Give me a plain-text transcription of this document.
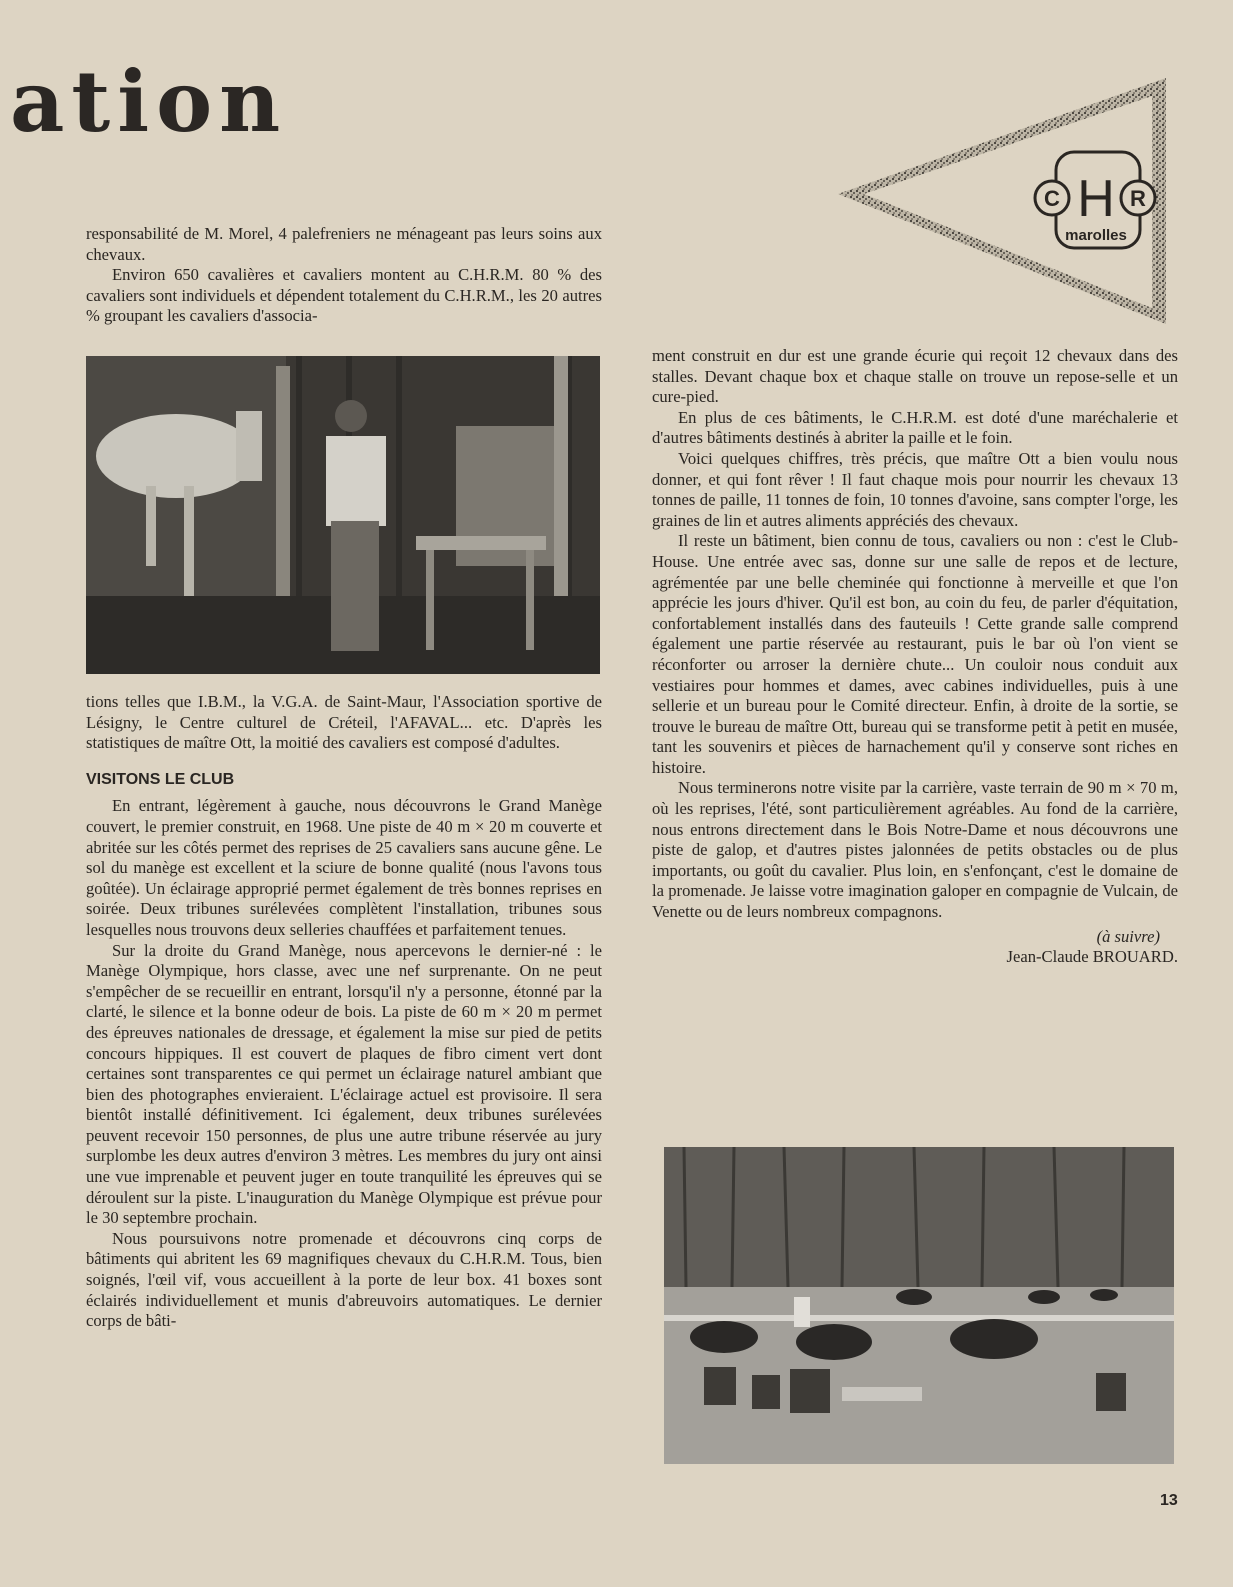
ation
C H R
marolles

responsabilité de M. Morel, 4 palefreniers ne ménageant pas leurs soins aux chevaux.

Environ 650 cavalières et cavaliers montent au C.H.R.M. 80 % des cavaliers sont individuels et dépendent totalement du C.H.R.M., les 20 autres % groupant les cavaliers d'associa-

tions telles que I.B.M., la V.G.A. de Saint-Maur, l'Association sportive de Lésigny, le Centre culturel de Créteil, l'AFAVAL... etc. D'après les statistiques de maître Ott, la moitié des cavaliers est composé d'adultes.

VISITONS LE CLUB

En entrant, légèrement à gauche, nous découvrons le Grand Manège couvert, le premier construit, en 1968. Une piste de 40 m × 20 m couverte et abritée sur les côtés permet des reprises de 25 cavaliers sans aucune gêne. Le sol du manège est excellent et la sciure de bonne qualité (nous l'avons tous goûtée). Un éclairage approprié permet également de très bonnes reprises en soirée. Deux tribunes surélevées complètent l'installation, tribunes sous lesquelles nous trouvons deux selleries chauffées et parfaitement tenues.

Sur la droite du Grand Manège, nous apercevons le dernier-né : le Manège Olympique, hors classe, avec une nef surprenante. On ne peut s'empêcher de se recueillir en entrant, lorsqu'il n'y a personne, étonné par la clarté, le silence et la bonne odeur de bois. La piste de 60 m × 20 m permet des épreuves nationales de dressage, et également la mise sur pied de petits concours hippiques. Il est couvert de plaques de fibro ciment vert dont certaines sont transparentes ce qui permet un éclairage naturel ambiant que bien des photographes envieraient. L'éclairage actuel est provisoire. Il sera bientôt installé définitivement. Ici également, deux tribunes surélevées peuvent recevoir 150 personnes, de plus une autre tribune réservée au jury surplombe les deux autres d'environ 3 mètres. Les membres du jury ont ainsi une vue imprenable et peuvent juger en toute tranquilité les épreuves qui se déroulent sur la piste. L'inauguration du Manège Olympique est prévue pour le 30 septembre prochain.

Nous poursuivons notre promenade et découvrons cinq corps de bâtiments qui abritent les 69 magnifiques chevaux du C.H.R.M. Tous, bien soignés, l'œil vif, vous accueillent à la porte de leur box. 41 boxes sont éclairés individuellement et munis d'abreuvoirs automatiques. Le dernier corps de bâti-

ment construit en dur est une grande écurie qui reçoit 12 chevaux dans des stalles. Devant chaque box et chaque stalle on trouve un repose-selle et un cure-pied.

En plus de ces bâtiments, le C.H.R.M. est doté d'une maréchalerie et d'autres bâtiments destinés à abriter la paille et le foin.

Voici quelques chiffres, très précis, que maître Ott a bien voulu nous donner, et qui font rêver ! Il faut chaque mois pour nourrir les chevaux 13 tonnes de paille, 11 tonnes de foin, 10 tonnes d'avoine, sans compter l'orge, les graines de lin et autres aliments appréciés des chevaux.

Il reste un bâtiment, bien connu de tous, cavaliers ou non : c'est le Club-House. Une entrée avec sas, donne sur une salle de repos et de lecture, agrémentée par une belle cheminée qui fonctionne à merveille et que l'on apprécie les jours d'hiver. Qu'il est bon, au coin du feu, de parler d'équitation, confortablement installés dans des fauteuils ! Cette grande salle comprend également une partie réservée au restaurant, puis le bar où l'on vient se réconforter ou arroser la dernière chute... Un couloir nous conduit aux vestiaires pour hommes et dames, avec cabines individuelles, puis à une sellerie et un bureau pour le Comité directeur. Enfin, à droite de la sortie, se trouve le bureau de maître Ott, bureau qui se transforme petit à petit en musée, tant les souvenirs et pièces de harnachement qu'il y conserve sont riches en histoire.

Nous terminerons notre visite par la carrière, vaste terrain de 90 m × 70 m, où les reprises, l'été, sont particulièrement agréables. Au fond de la carrière, nous entrons directement dans le Bois Notre-Dame et nous découvrons une piste de galop, et d'autres pistes jalonnées de petits obstacles ou de plus importants, ou goût du cavalier. Plus loin, en s'enfonçant, c'est le domaine de la promenade. Je laisse votre imagination galoper en compagnie de Vulcain, de Venette ou de leurs nombreux compagnons.

(à suivre)
Jean-Claude BROUARD.
13
